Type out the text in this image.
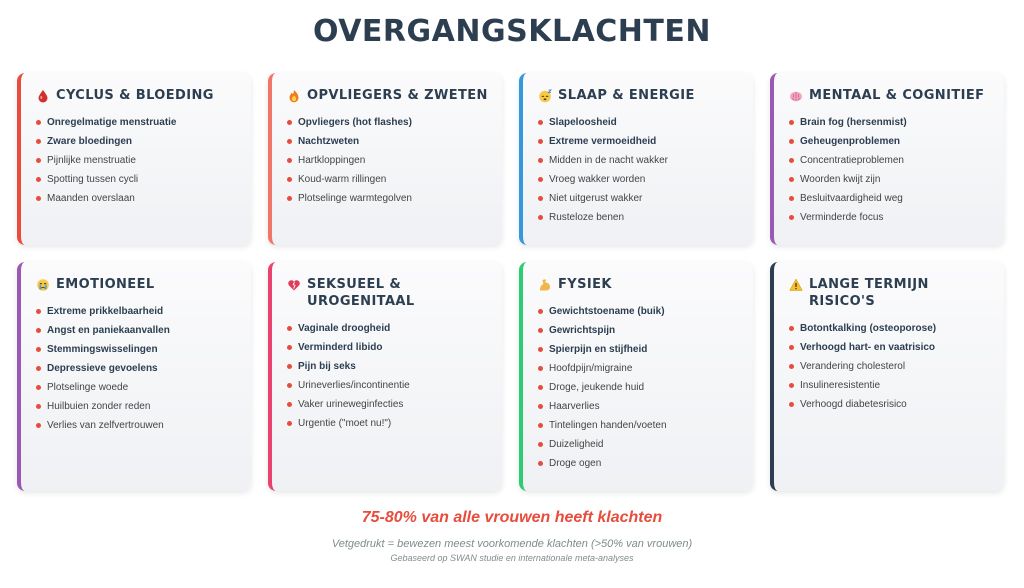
OVERGANGSKLACHTEN
CYCLUS & BLOEDING
Onregelmatige menstruatie
Zware bloedingen
Pijnlijke menstruatie
Spotting tussen cycli
Maanden overslaan
OPVLIEGERS & ZWETEN
Opvliegers (hot flashes)
Nachtzweten
Hartkloppingen
Koud-warm rillingen
Plotselinge warmtegolven
SLAAP & ENERGIE
Slapeloosheid
Extreme vermoeidheid
Midden in de nacht wakker
Vroeg wakker worden
Niet uitgerust wakker
Rusteloze benen
MENTAAL & COGNITIEF
Brain fog (hersenmist)
Geheugenproblemen
Concentratieproblemen
Woorden kwijt zijn
Besluitvaardigheid weg
Verminderde focus
EMOTIONEEL
Extreme prikkelbaarheid
Angst en paniekaanvallen
Stemmingswisselingen
Depressieve gevoelens
Plotselinge woede
Huilbuien zonder reden
Verlies van zelfvertrouwen
SEKSUEEL & UROGENITAAL
Vaginale droogheid
Verminderd libido
Pijn bij seks
Urineverlies/incontinentie
Vaker urineweginfecties
Urgentie ("moet nu!")
FYSIEK
Gewichtstoename (buik)
Gewrichtspijn
Spierpijn en stijfheid
Hoofdpijn/migraine
Droge, jeukende huid
Haarverlies
Tintelingen handen/voeten
Duizeligheid
Droge ogen
LANGE TERMIJN RISICO'S
Botontkalking (osteoporose)
Verhoogd hart- en vaatrisico
Verandering cholesterol
Insulineresistentie
Verhoogd diabetesrisico
75-80% van alle vrouwen heeft klachten
Vetgedrukt = bewezen meest voorkomende klachten (>50% van vrouwen)
Gebaseerd op SWAN studie en internationale meta-analyses
